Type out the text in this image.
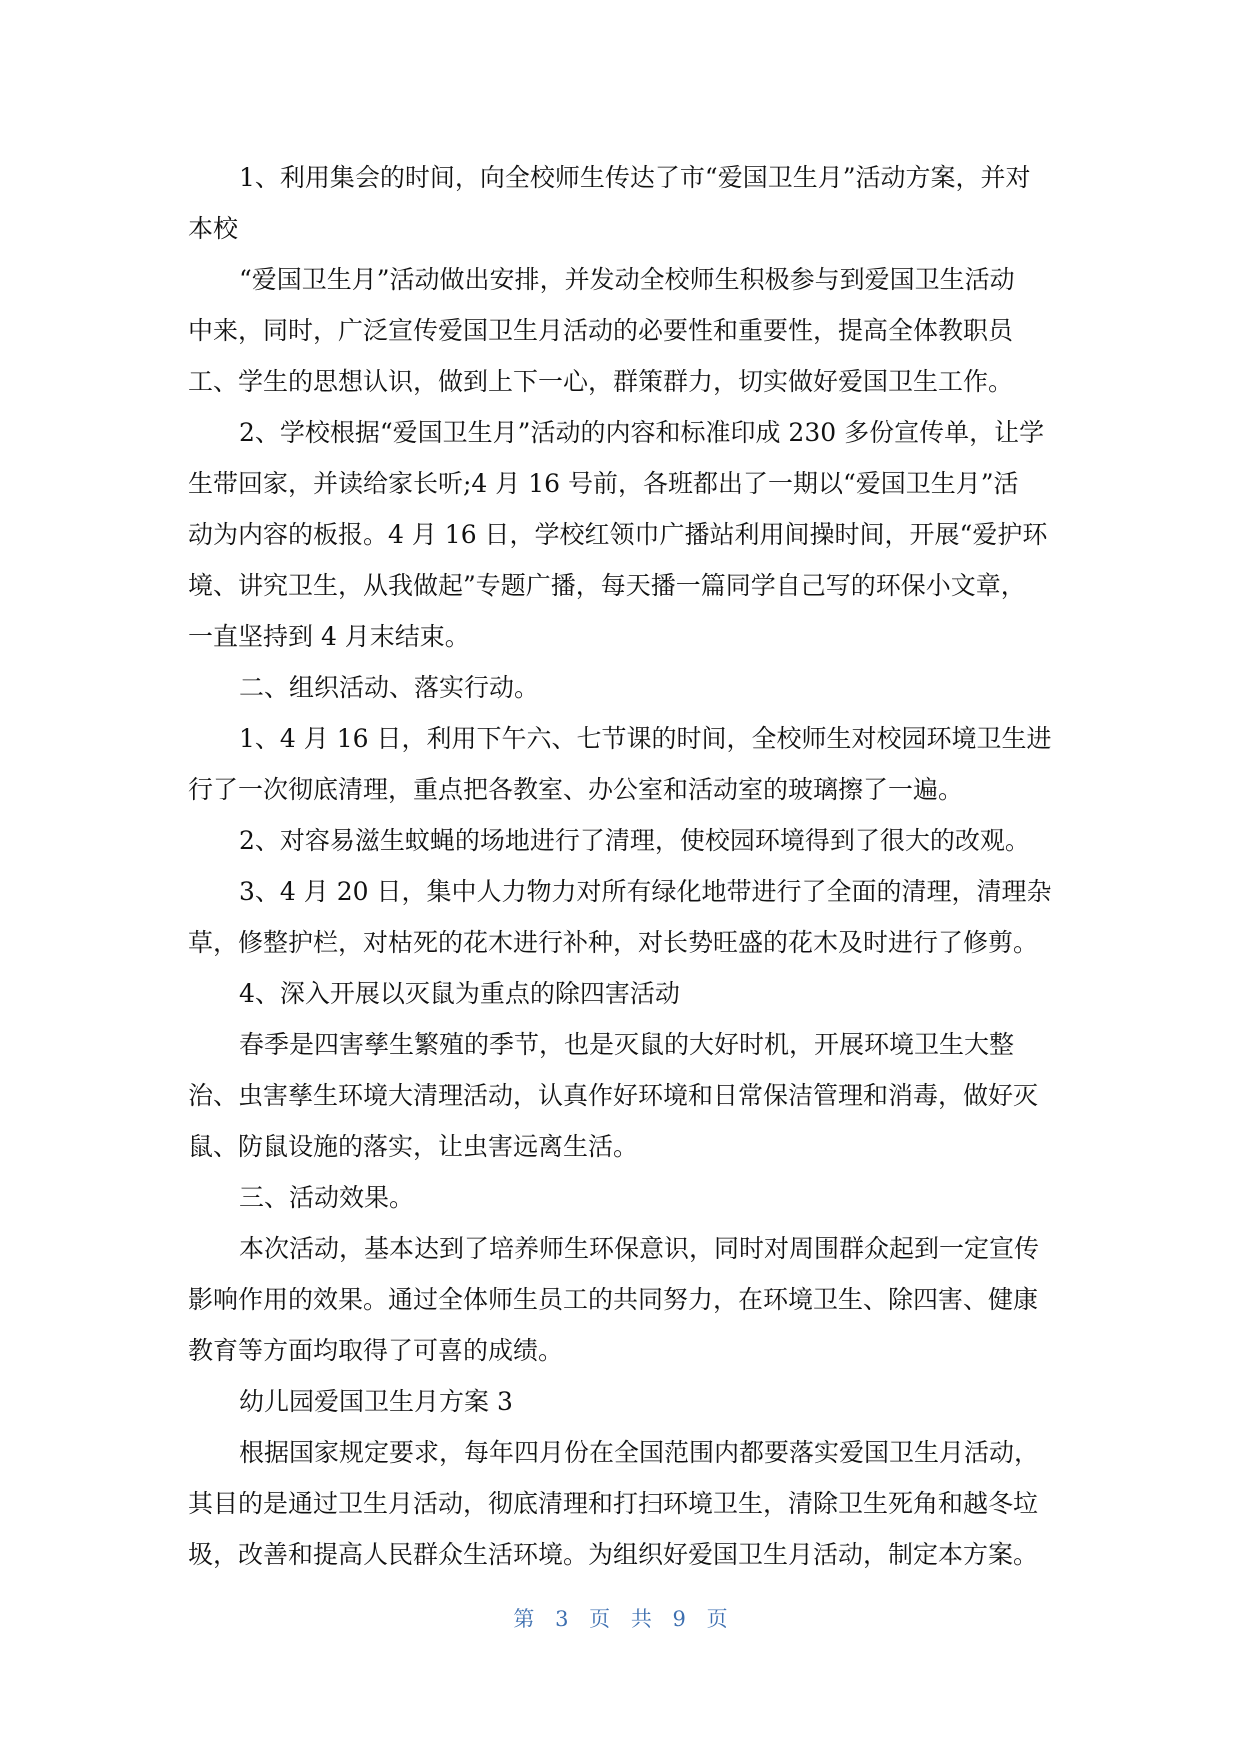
1、利用集会的时间，向全校师生传达了市“爱国卫生月”活动方案，并对
本校
“爱国卫生月”活动做出安排，并发动全校师生积极参与到爱国卫生活动
中来，同时，广泛宣传爱国卫生月活动的必要性和重要性，提高全体教职员
工、学生的思想认识，做到上下一心，群策群力，切实做好爱国卫生工作。
2、学校根据“爱国卫生月”活动的内容和标准印成 230 多份宣传单，让学
生带回家，并读给家长听;4 月 16 号前，各班都出了一期以“爱国卫生月”活
动为内容的板报。4 月 16 日，学校红领巾广播站利用间操时间，开展“爱护环
境、讲究卫生，从我做起”专题广播，每天播一篇同学自己写的环保小文章，
一直坚持到 4 月末结束。
二、组织活动、落实行动。
1、4 月 16 日，利用下午六、七节课的时间，全校师生对校园环境卫生进
行了一次彻底清理，重点把各教室、办公室和活动室的玻璃擦了一遍。
2、对容易滋生蚊蝇的场地进行了清理，使校园环境得到了很大的改观。
3、4 月 20 日，集中人力物力对所有绿化地带进行了全面的清理，清理杂
草，修整护栏，对枯死的花木进行补种，对长势旺盛的花木及时进行了修剪。
4、深入开展以灭鼠为重点的除四害活动
春季是四害孳生繁殖的季节，也是灭鼠的大好时机，开展环境卫生大整
治、虫害孳生环境大清理活动，认真作好环境和日常保洁管理和消毒，做好灭
鼠、防鼠设施的落实，让虫害远离生活。
三、活动效果。
本次活动，基本达到了培养师生环保意识，同时对周围群众起到一定宣传
影响作用的效果。通过全体师生员工的共同努力，在环境卫生、除四害、健康
教育等方面均取得了可喜的成绩。
幼儿园爱国卫生月方案 3
根据国家规定要求，每年四月份在全国范围内都要落实爱国卫生月活动，
其目的是通过卫生月活动，彻底清理和打扫环境卫生，清除卫生死角和越冬垃
圾，改善和提高人民群众生活环境。为组织好爱国卫生月活动，制定本方案。
第 3 页 共 9 页
